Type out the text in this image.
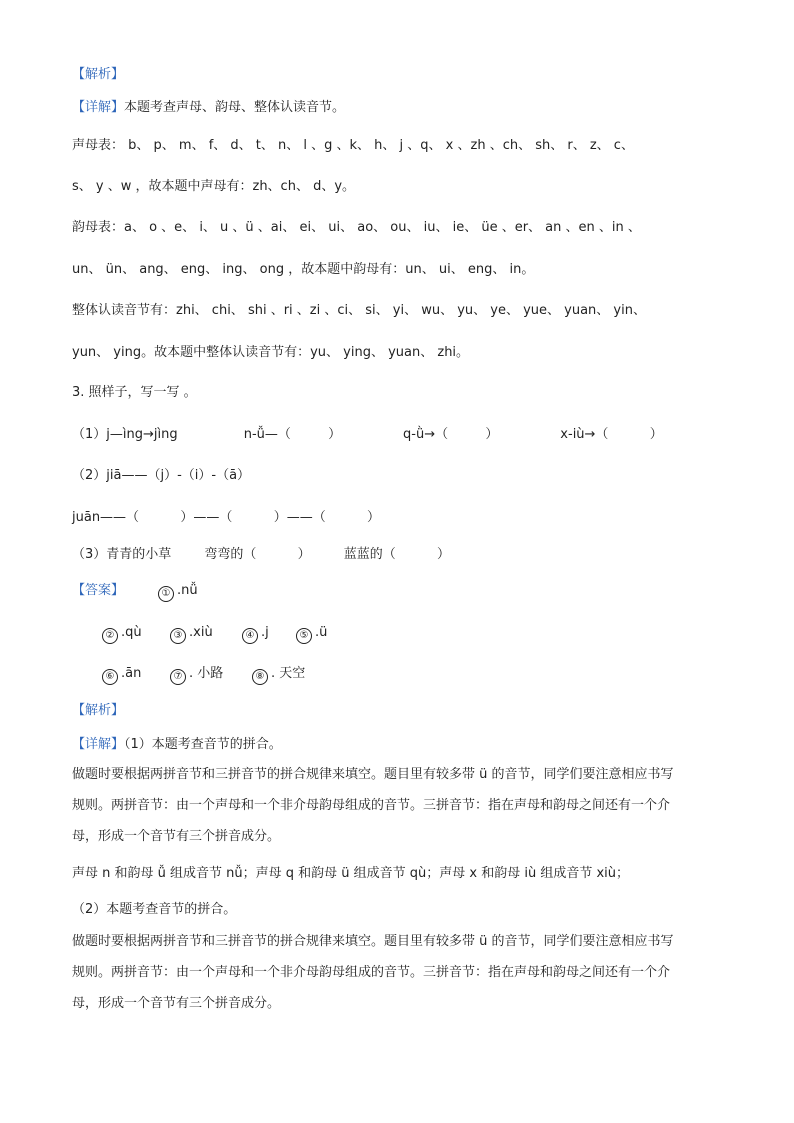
【解析】
【详解】本题考查声母、韵母、整体认读音节。
声母表： b、 p、 m、 f、 d、 t、 n、 l 、g 、k、 h、 j 、q、 x 、zh 、ch、 sh、 r、 z、 c、
s、 y 、w ，故本题中声母有：zh、ch、 d、y。
韵母表：a、 o 、e、 i、 u 、ü 、ai、 ei、 ui、 ao、 ou、 iu、 ie、 üe 、er、 an 、en 、in 、
un、 ün、 ang、 eng、 ing、 ong ，故本题中韵母有：un、 ui、 eng、 in。
整体认读音节有：zhi、 chi、 shi 、ri 、zi 、ci、 si、 yi、 wu、 yu、 ye、 yue、 yuan、 yin、
yun、 ying。故本题中整体认读音节有：yu、 ying、 yuan、 zhi。
3. 照样子，写一写 。
（1）j—ìng→jìng                n-ǚ—（         ）               q-ǜ→（         ）               x-iù→（          ）
（2）jiā——（j）-（i）-（ā）
juān——（          ）——（          ）——（          ）
（3）青青的小草        弯弯的（          ）        蓝蓝的（          ）
【答案】	① .nǚ
② .qù	③ .xiù	④ .j	⑤ .ü
⑥ .ān	⑦ . 小路	⑧ . 天空
【解析】
【详解】（1）本题考查音节的拼合。
做题时要根据两拼音节和三拼音节的拼合规律来填空。题目里有较多带 ü 的音节，同学们要注意相应书写
规则。两拼音节：由一个声母和一个非介母韵母组成的音节。三拼音节：指在声母和韵母之间还有一个介
母，形成一个音节有三个拼音成分。
声母 n 和韵母 ǚ 组成音节 nǚ；声母 q 和韵母 ü 组成音节 qù；声母 x 和韵母 iù 组成音节 xiù；
（2）本题考查音节的拼合。
做题时要根据两拼音节和三拼音节的拼合规律来填空。题目里有较多带 ü 的音节，同学们要注意相应书写
规则。两拼音节：由一个声母和一个非介母韵母组成的音节。三拼音节：指在声母和韵母之间还有一个介
母，形成一个音节有三个拼音成分。
